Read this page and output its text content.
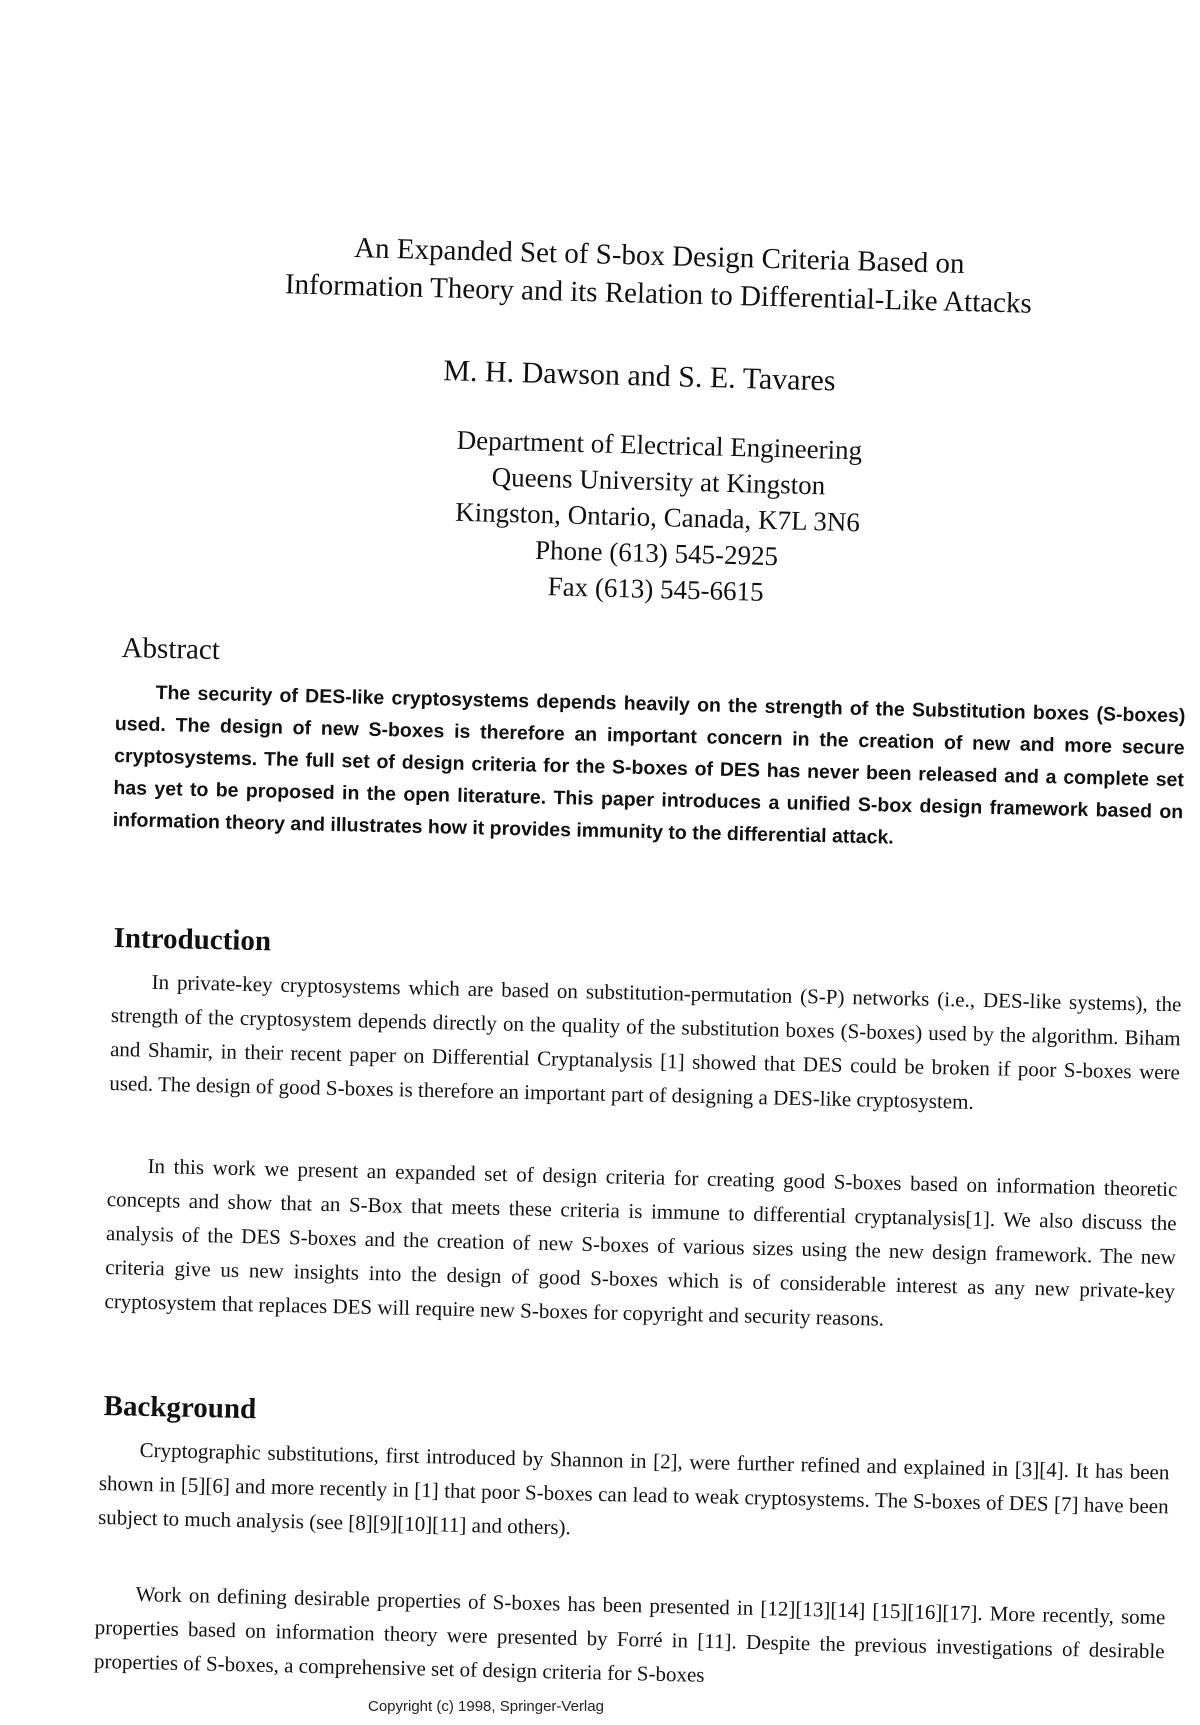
An Expanded Set of S-box Design Criteria Based on
Information Theory and its Relation to Differential-Like Attacks
M. H. Dawson and S. E. Tavares
Department of Electrical Engineering
Queens University at Kingston
Kingston, Ontario, Canada, K7L 3N6
Phone (613) 545-2925
Fax (613) 545-6615
Abstract

The security of DES-like cryptosystems depends heavily on the strength of the Substitution boxes (S-boxes) used. The design of new S-boxes is therefore an important concern in the creation of new and more secure cryptosystems. The full set of design criteria for the S-boxes of DES has never been released and a complete set has yet to be proposed in the open literature. This paper introduces a unified S-box design framework based on information theory and illustrates how it provides immunity to the differential attack.

Introduction

In private-key cryptosystems which are based on substitution-permutation (S-P) networks (i.e., DES-like systems), the strength of the cryptosystem depends directly on the quality of the substitution boxes (S-boxes) used by the algorithm. Biham and Shamir, in their recent paper on Differential Cryptanalysis [1] showed that DES could be broken if poor S-boxes were used. The design of good S-boxes is therefore an important part of designing a DES-like cryptosystem.

In this work we present an expanded set of design criteria for creating good S-boxes based on information theoretic concepts and show that an S-Box that meets these criteria is immune to differential cryptanalysis[1]. We also discuss the analysis of the DES S-boxes and the creation of new S-boxes of various sizes using the new design framework. The new criteria give us new insights into the design of good S-boxes which is of considerable interest as any new private-key cryptosystem that replaces DES will require new S-boxes for copyright and security reasons.

Background

Cryptographic substitutions, first introduced by Shannon in [2], were further refined and explained in [3][4]. It has been shown in [5][6] and more recently in [1] that poor S-boxes can lead to weak cryptosystems. The S-boxes of DES [7] have been subject to much analysis (see [8][9][10][11] and others).

Work on defining desirable properties of S-boxes has been presented in [12][13][14] [15][16][17]. More recently, some properties based on information theory were presented by Forré in [11]. Despite the previous investigations of desirable properties of S-boxes, a comprehensive set of design criteria for S-boxes

Copyright (c) 1998, Springer-Verlag
